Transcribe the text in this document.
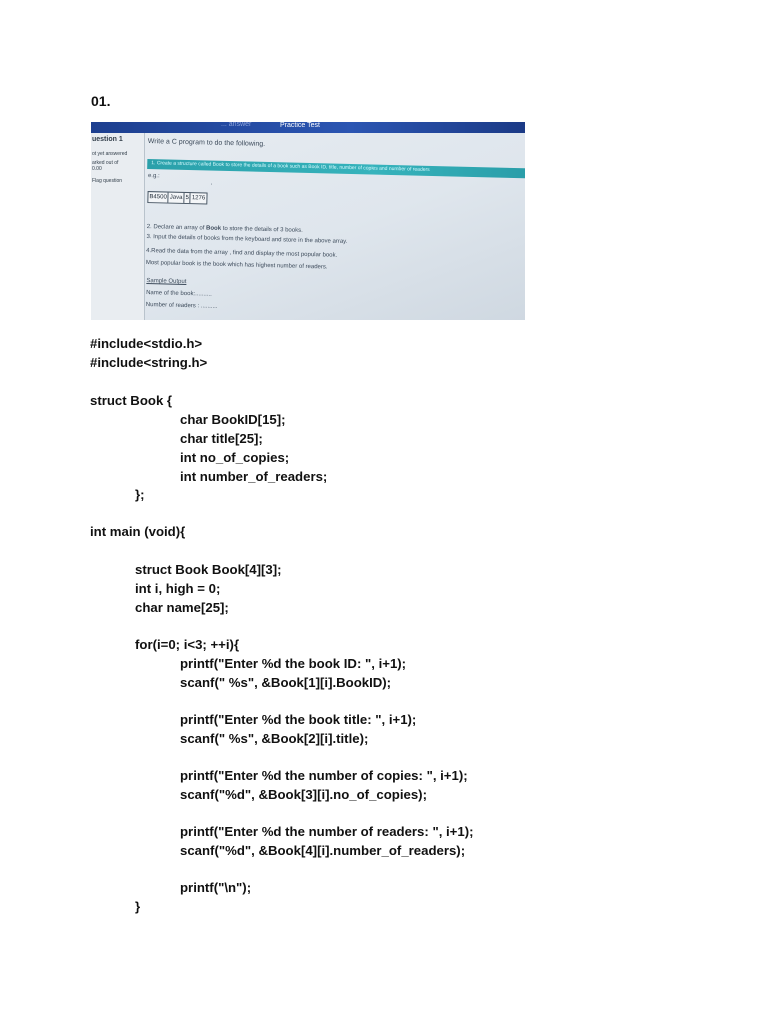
01.
... answer	Practice Test
uestion 1
ot yet answered
arked out of
0.00
Flag question
Write a C program to do the following.
1. Create a structure called Book to store the details of a book such as Book ID, title, number of copies and number of readers
e.g.:
'
B4500 Java 5 1276
2. Declare an array of Book to store the details of 3 books.
3. Input the details of books from the keyboard and store in the above array.
4.Read the data from the array , find and display the most popular book.
Most popular book is the book which has highest number of readers.
Sample Output
Name of the book:..........
Number of readers : ..........
#include<stdio.h>
#include<string.h>
struct Book {
char BookID[15];
char title[25];
int no_of_copies;
int number_of_readers;
};
int main (void){
struct Book Book[4][3];
int i, high = 0;
char name[25];
for(i=0; i<3; ++i){
printf("Enter %d the book ID: ", i+1);
scanf(" %s", &Book[1][i].BookID);
printf("Enter %d the book title: ", i+1);
scanf(" %s", &Book[2][i].title);
printf("Enter %d the number of copies: ", i+1);
scanf("%d", &Book[3][i].no_of_copies);
printf("Enter %d the number of readers: ", i+1);
scanf("%d", &Book[4][i].number_of_readers);
printf("\n");
}
